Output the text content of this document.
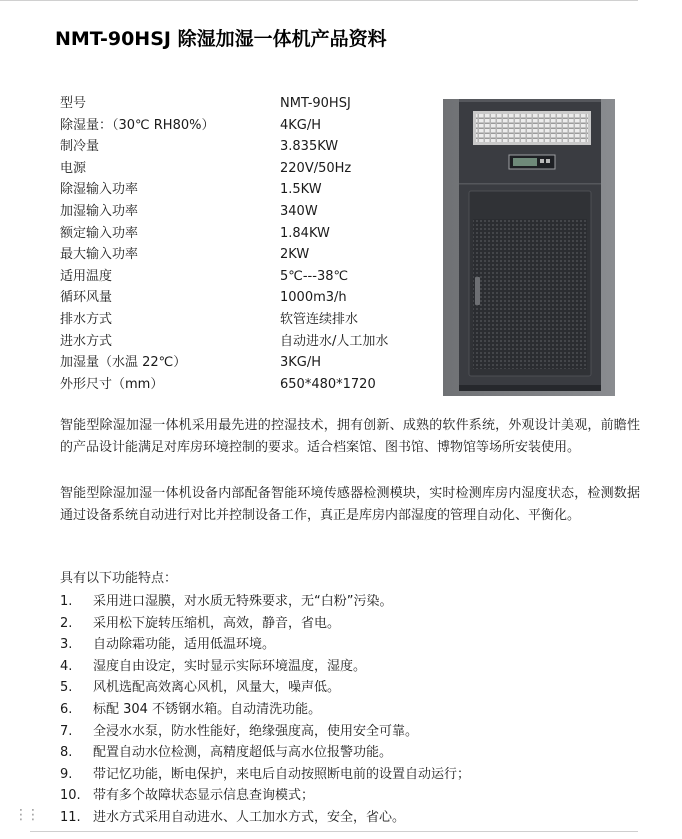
NMT-90HSJ 除湿加湿一体机产品资料
型号	NMT-90HSJ
除湿量：（30℃ RH80%）	4KG/H
制冷量	3.835KW
电源	220V/50Hz
除湿输入功率	1.5KW
加湿输入功率	340W
额定输入功率	1.84KW
最大输入功率	2KW
适用温度	5℃---38℃
循环风量	1000m3/h
排水方式	软管连续排水
进水方式	自动进水/人工加水
加湿量（水温 22℃）	3KG/H
外形尺寸（mm）	650*480*1720

智能型除湿加湿一体机采用最先进的控湿技术，拥有创新、成熟的软件系统，外观设计美观，前瞻性的产品设计能满足对库房环境控制的要求。适合档案馆、图书馆、博物馆等场所安装使用。

智能型除湿加湿一体机设备内部配备智能环境传感器检测模块，实时检测库房内湿度状态，检测数据通过设备系统自动进行对比并控制设备工作，真正是库房内部湿度的管理自动化、平衡化。

具有以下功能特点：

1. 采用进口湿膜，对水质无特殊要求，无“白粉”污染。
2. 采用松下旋转压缩机，高效，静音，省电。
3. 自动除霜功能，适用低温环境。
4. 湿度自由设定，实时显示实际环境温度，湿度。
5. 风机选配高效离心风机，风量大，噪声低。
6. 标配 304 不锈钢水箱。自动清洗功能。
7. 全浸水水泵，防水性能好，绝缘强度高，使用安全可靠。
8. 配置自动水位检测，高精度超低与高水位报警功能。
9. 带记忆功能，断电保护，来电后自动按照断电前的设置自动运行；
10. 带有多个故障状态显示信息查询模式；
11. 进水方式采用自动进水、人工加水方式，安全，省心。
⋮⋮
